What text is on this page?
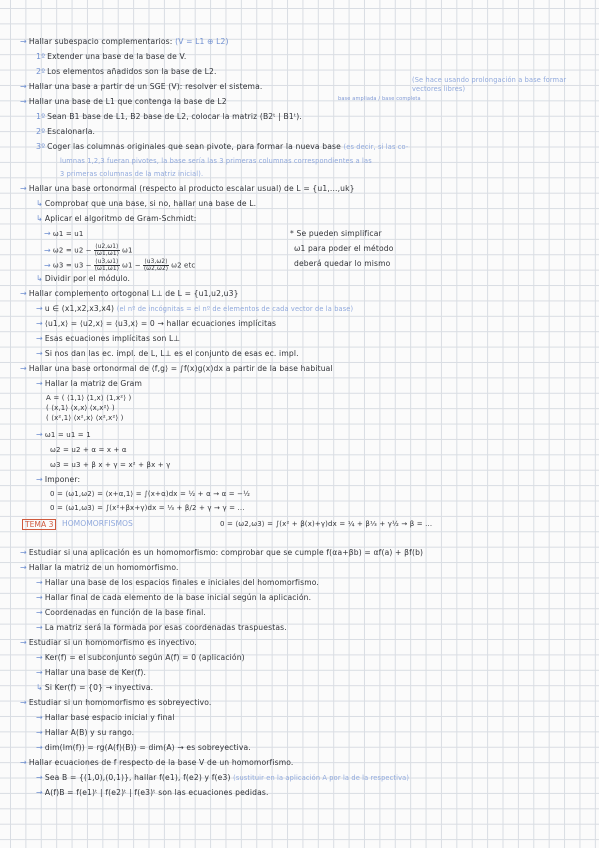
→ Hallar subespacio complementarios: (V = L1 ⊕ L2)
1º Extender una base de la base de V.
2º Los elementos añadidos son la base de L2.
→ Hallar una base a partir de un SGE (V): resolver el sistema.
(Se hace usando prolongación a base formar vectores libres)
→ Hallar una base de L1 que contenga la base de L2	base ampliada / base completa
1º Sean B1 base de L1, B2 base de L2, colocar la matriz (B2ᵗ | B1ᵗ).
2º Escalonarla.
3º Coger las columnas originales que sean pivote, para formar la nueva base (es decir, si las co-
lumnas 1,2,3 fueran pivotes, la base sería las 3 primeras columnas correspondientes a las
3 primeras columnas de la matriz inicial).
→ Hallar una base ortonormal (respecto al producto escalar usual) de L = {u1,...,uk}
↳ Comprobar que una base, si no, hallar una base de L.
↳ Aplicar el algoritmo de Gram-Schmidt:
→ ω1 = u1	* Se pueden simplificar
→ $\omega 2 = u2 - \frac{⟨u2,\omega 1⟩}{⟨\omega 1,\omega 1⟩} \omega 1$	ω1 para poder el método
→ $\omega 3 = u3 - \frac{⟨u3,\omega 1⟩}{⟨\omega 1,\omega 1⟩} \omega 1 - \frac{⟨u3,\omega 2⟩}{⟨\omega 2,\omega 2⟩} \omega 2$ etc	deberá quedar lo mismo
↳ Dividir por el módulo.
→ Hallar complemento ortogonal L⊥ de L = {u1,u2,u3}
→ u ∈ (x1,x2,x3,x4) (el nº de incógnitas = el nº de elementos de cada vector de la base)
→ ⟨u1,x⟩ = ⟨u2,x⟩ = ⟨u3,x⟩ = 0 → hallar ecuaciones implícitas
→ Esas ecuaciones implícitas son L⊥
→ Si nos dan las ec. impl. de L, L⊥ es el conjunto de esas ec. impl.
→ Hallar una base ortonormal de ⟨f,g⟩ = ∫f(x)g(x)dx a partir de la base habitual
→ Hallar la matriz de Gram
A = ( ⟨1,1⟩ ⟨1,x⟩ ⟨1,x²⟩ )
( ⟨x,1⟩ ⟨x,x⟩ ⟨x,x²⟩ )
( ⟨x²,1⟩ ⟨x²,x⟩ ⟨x²,x²⟩ )
→ ω1 = u1 = 1
ω2 = u2 + α = x + α
ω3 = u3 + β x + γ = x² + βx + γ
→ Imponer:
0 = ⟨ω1,ω2⟩ = ⟨x+α,1⟩ = ∫(x+α)dx = ½ + α → α = −½
0 = ⟨ω1,ω3⟩ = ∫(x²+βx+γ)dx = ⅓ + β/2 + γ → γ = ...
TEMA 3	HOMOMORFISMOS	0 = ⟨ω2,ω3⟩ = ∫(x² + β(x)+γ)dx = ¼ + β⅓ + γ½ → β = ...
→ Estudiar si una aplicación es un homomorfismo: comprobar que se cumple f(αa+βb) = αf(a) + βf(b)
→ Hallar la matriz de un homomorfismo.
→ Hallar una base de los espacios finales e iniciales del homomorfismo.
→ Hallar final de cada elemento de la base inicial según la aplicación.
→ Coordenadas en función de la base final.
→ La matriz será la formada por esas coordenadas traspuestas.
→ Estudiar si un homomorfismo es inyectivo.
→ Ker(f) = el subconjunto según A(f) = 0 (aplicación)
→ Hallar una base de Ker(f).
↳ Si Ker(f) = {0} → inyectiva.
→ Estudiar si un homomorfismo es sobreyectivo.
→ Hallar base espacio inicial y final
→ Hallar A(B) y su rango.
→ dim(Im(f)) = rg(A(f)(B)) = dim(A) → es sobreyectiva.
→ Hallar ecuaciones de f respecto de la base V de un homomorfismo.
→ Sea B = {(1,0),(0,1)}, hallar f(e1), f(e2) y f(e3) (sustituir en la aplicación A por la de la respectiva)
→ A(f)B = f(e1)ᵗ | f(e2)ᵗ | f(e3)ᵗ son las ecuaciones pedidas.
